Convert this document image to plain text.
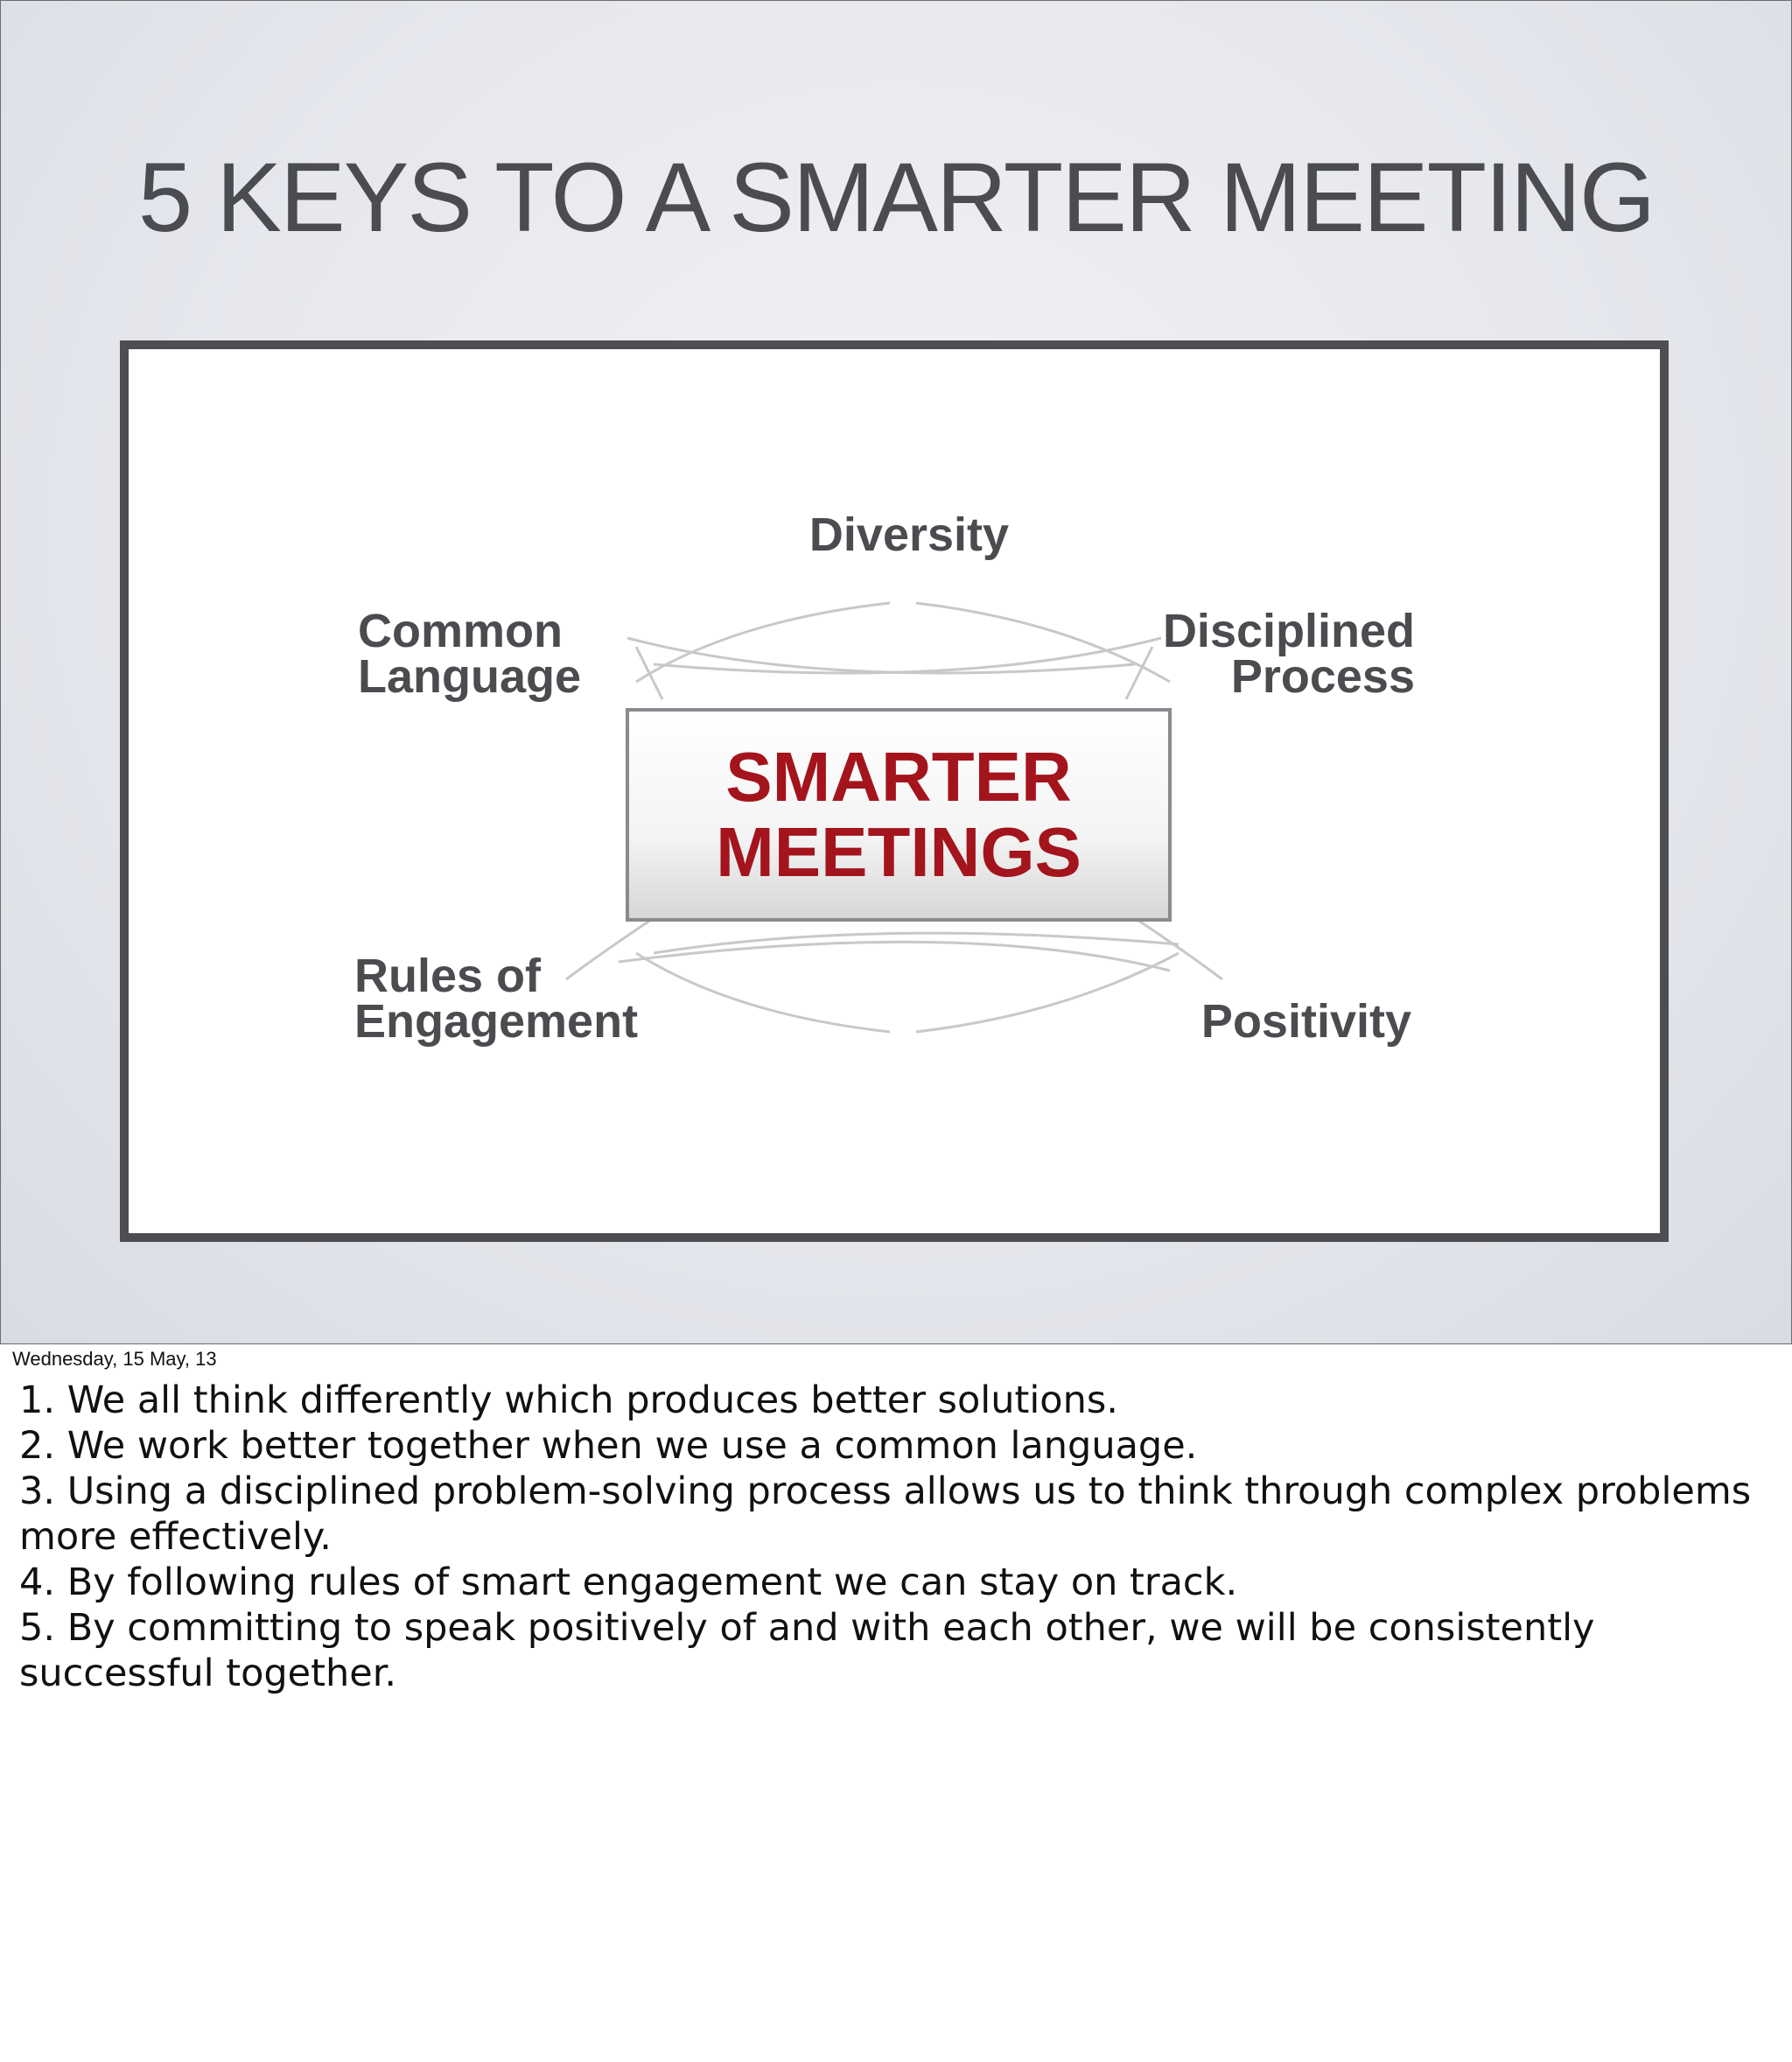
5 KEYS TO A SMARTER MEETING
SMARTER
MEETINGS
Diversity
Common
Language
Disciplined
Process
Rules of
Engagement	Positivity
Wednesday, 15 May, 13
1. We all think differently which produces better solutions.
2. We work better together when we use a common language.
3. Using a disciplined problem-solving process allows us to think through complex problems more effectively.
4. By following rules of smart engagement we can stay on track.
5. By committing to speak positively of and with each other, we will be consistently successful together.
